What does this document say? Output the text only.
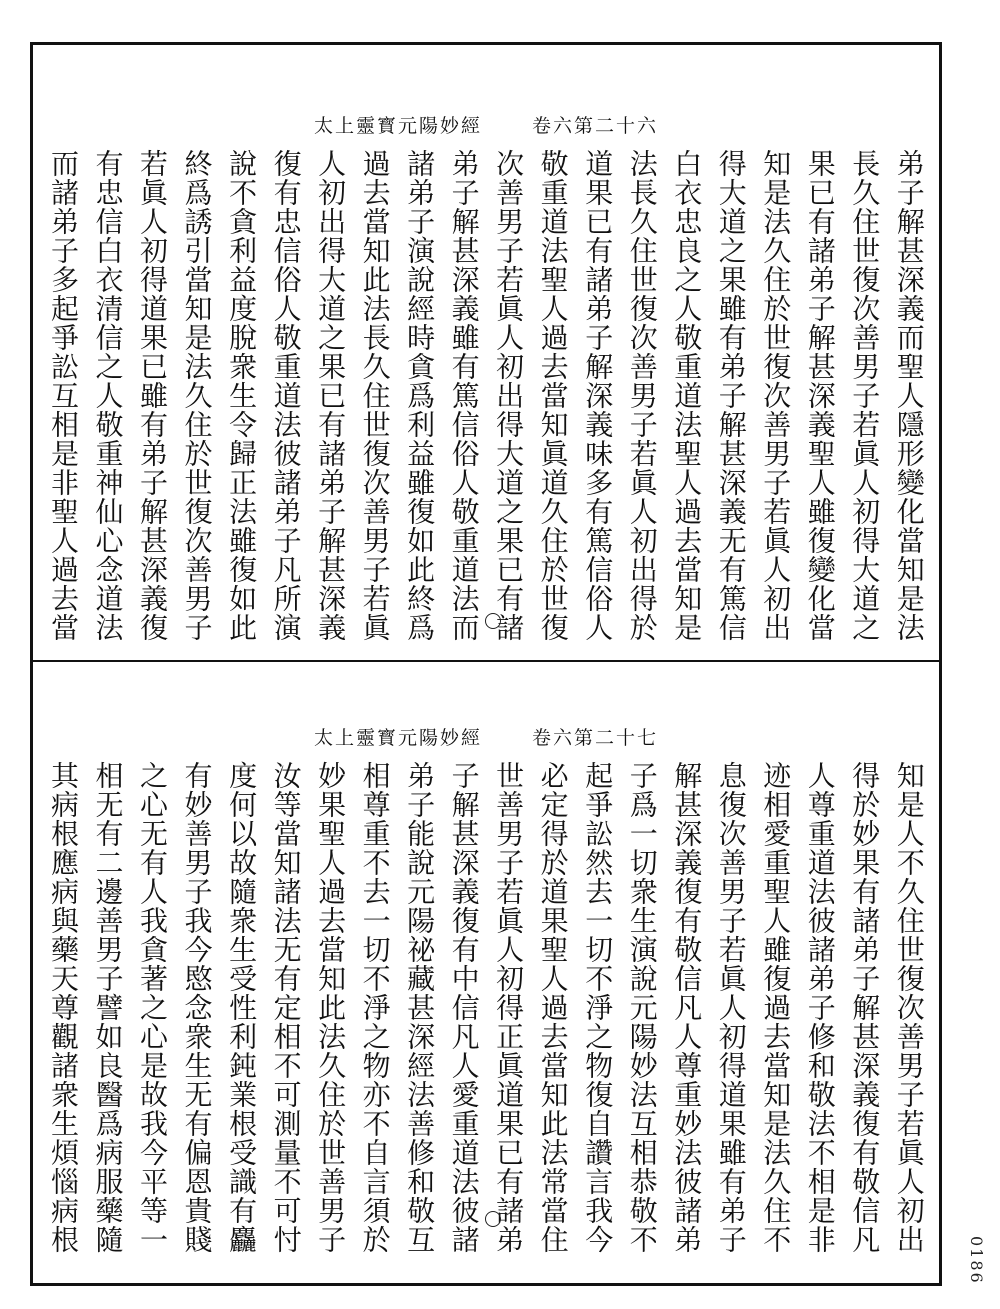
太上靈寳元陽妙經	卷六第二十六
弟子解甚深義而聖人隱形變化當知是法
長久住世復次善男子若眞人初得大道之
果已有諸弟子解甚深義聖人雖復變化當
知是法久住於世復次善男子若眞人初出
得大道之果雖有弟子解甚深義无有篤信
白衣忠良之人敬重道法聖人過去當知是
法長久住世復次善男子若眞人初出得於
道果已有諸弟子解深義味多有篤信俗人
敬重道法聖人過去當知眞道久住於世復
次善男子若眞人初出得大道之果已有諸
弟子解甚深義雖有篤信俗人敬重道法而
諸弟子演說經時貪爲利益雖復如此終爲
過去當知此法長久住世復次善男子若眞
人初出得大道之果已有諸弟子解甚深義
復有忠信俗人敬重道法彼諸弟子凡所演
說不貪利益度脫衆生令歸正法雖復如此
終爲誘引當知是法久住於世復次善男子
若眞人初得道果已雖有弟子解甚深義復
有忠信白衣清信之人敬重神仙心念道法
而諸弟子多起爭訟互相是非聖人過去當
太上靈寳元陽妙經	卷六第二十七
知是人不久住世復次善男子若眞人初出
得於妙果有諸弟子解甚深義復有敬信凡
人尊重道法彼諸弟子修和敬法不相是非
迹相愛重聖人雖復過去當知是法久住不
息復次善男子若眞人初得道果雖有弟子
解甚深義復有敬信凡人尊重妙法彼諸弟
子爲一切衆生演說元陽妙法互相恭敬不
起爭訟然去一切不淨之物復自讚言我今
必定得於道果聖人過去當知此法常當住
世善男子若眞人初得正眞道果已有諸弟
子解甚深義復有中信凡人愛重道法彼諸
弟子能說元陽祕藏甚深經法善修和敬互
相尊重不去一切不淨之物亦不自言須於
妙果聖人過去當知此法久住於世善男子
汝等當知諸法无有定相不可測量不可忖
度何以故隨衆生受性利鈍業根受識有麤
有妙善男子我今愍念衆生无有偏恩貴賤
之心无有人我貪著之心是故我今平等一
相无有二邊善男子譬如良醫爲病服藥隨
其病根應病與藥天尊觀諸衆生煩惱病根
0186
